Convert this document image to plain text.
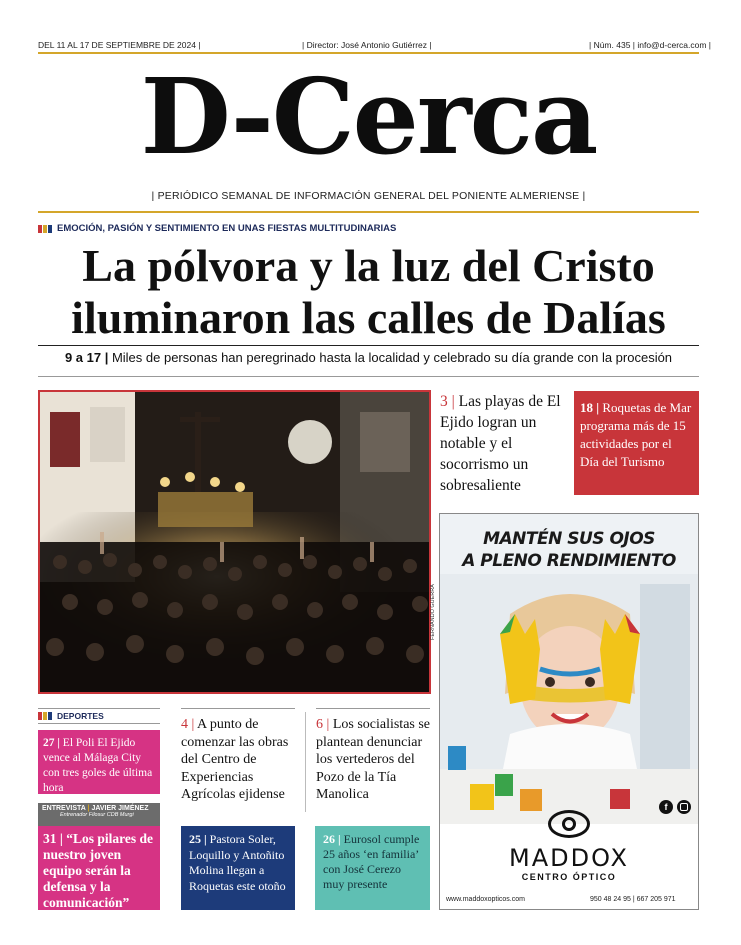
DEL 11 AL 17 DE SEPTIEMBRE DE 2024 |	| Director: José Antonio Gutiérrez |	| Núm. 435 | info@d-cerca.com |
D-Cerca
| PERIÓDICO SEMANAL DE INFORMACIÓN GENERAL DEL PONIENTE ALMERIENSE |
EMOCIÓN, PASIÓN Y SENTIMIENTO EN UNAS FIESTAS MULTITUDINARIAS
La pólvora y la luz del Cristo
iluminaron las calles de Dalías
9 a 17 | Miles de personas han peregrinado hasta la localidad y celebrado su día grande con la procesión
FERNANDO GUERRA
3 | Las playas de El Ejido logran un notable y el socorrismo un sobresaliente
18 | Roquetas de Mar programa más de 15 actividades por el Día del Turismo
MANTÉN SUS OJOS
A PLENO RENDIMIENTO
f
MADDOX
CENTRO ÓPTICO
www.maddoxopticos.com	950 48 24 95 | 667 205 971
DEPORTES
27 | El Poli El Ejido vence al Málaga City con tres goles de última hora
ENTREVISTA | JAVIER JIMÉNEZ
Entrenador Filosur CDB Murgi
31 | “Los pilares de nuestro joven equipo serán la defensa y la comunicación”
4 | A punto de comenzar las obras del Centro de Experiencias Agrícolas ejidense
6 | Los socialistas se plantean denunciar los vertederos del Pozo de la Tía Manolica
25 | Pastora Soler, Loquillo y Antoñito Molina llegan a Roquetas este otoño
26 | Eurosol cumple 25 años ‘en familia’ con José Cerezo muy presente
